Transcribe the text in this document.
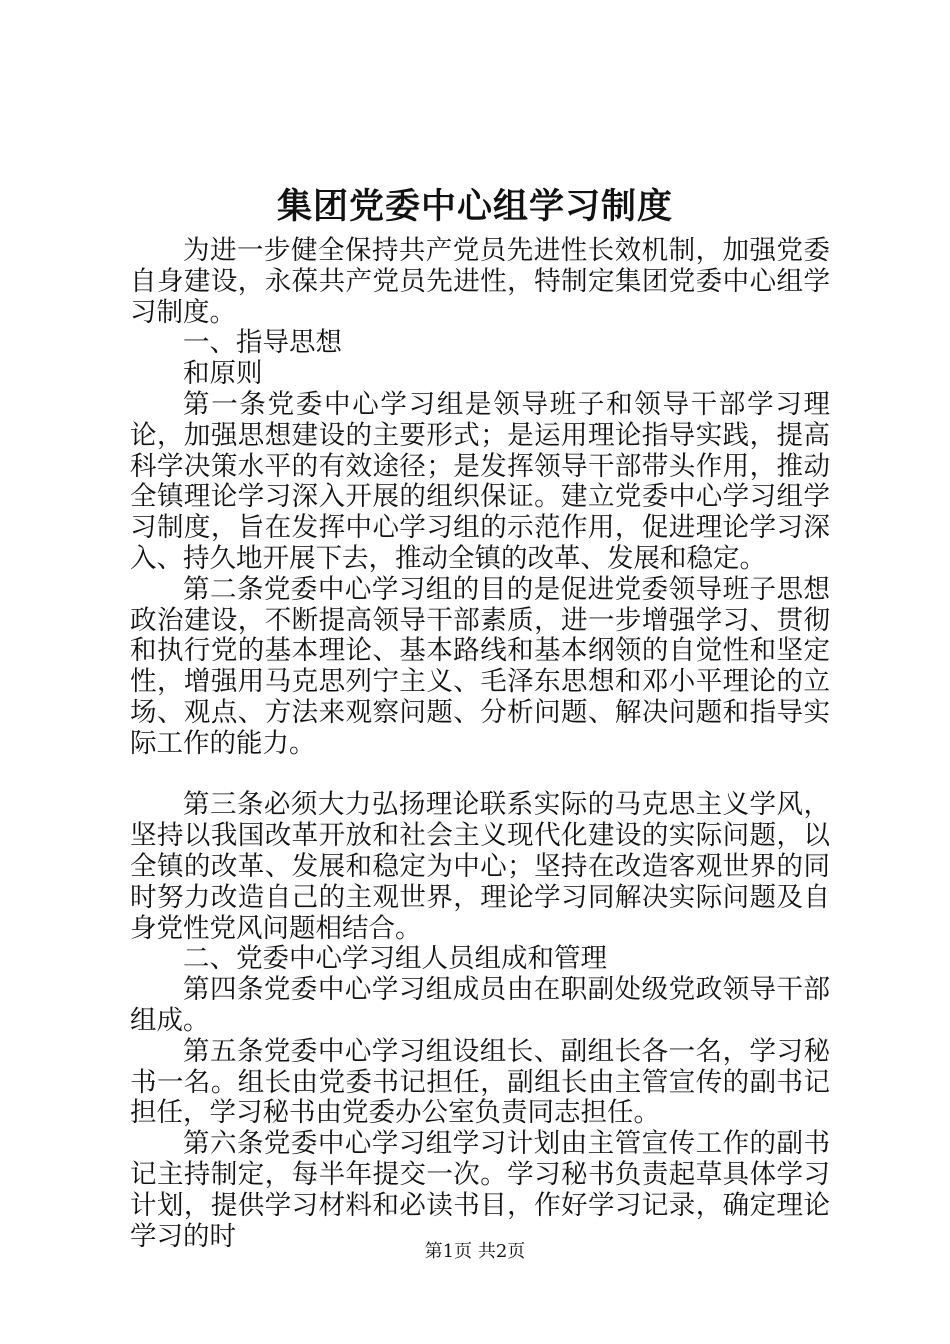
集团党委中心组学习制度

为进一步健全保持共产党员先进性长效机制，加强党委自身建设，永葆共产党员先进性，特制定集团党委中心组学习制度。

一、指导思想

和原则

第一条党委中心学习组是领导班子和领导干部学习理论，加强思想建设的主要形式；是运用理论指导实践，提高科学决策水平的有效途径；是发挥领导干部带头作用，推动全镇理论学习深入开展的组织保证。建立党委中心学习组学习制度，旨在发挥中心学习组的示范作用，促进理论学习深入、持久地开展下去，推动全镇的改革、发展和稳定。

第二条党委中心学习组的目的是促进党委领导班子思想政治建设，不断提高领导干部素质，进一步增强学习、贯彻和执行党的基本理论、基本路线和基本纲领的自觉性和坚定性，增强用马克思列宁主义、毛泽东思想和邓小平理论的立场、观点、方法来观察问题、分析问题、解决问题和指导实际工作的能力。

第三条必须大力弘扬理论联系实际的马克思主义学风，坚持以我国改革开放和社会主义现代化建设的实际问题，以全镇的改革、发展和稳定为中心；坚持在改造客观世界的同时努力改造自己的主观世界，理论学习同解决实际问题及自身党性党风问题相结合。

二、党委中心学习组人员组成和管理

第四条党委中心学习组成员由在职副处级党政领导干部组成。

第五条党委中心学习组设组长、副组长各一名，学习秘书一名。组长由党委书记担任，副组长由主管宣传的副书记担任，学习秘书由党委办公室负责同志担任。

第六条党委中心学习组学习计划由主管宣传工作的副书记主持制定，每半年提交一次。学习秘书负责起草具体学习计划，提供学习材料和必读书目，作好学习记录，确定理论学习的时	第1页 共2页
